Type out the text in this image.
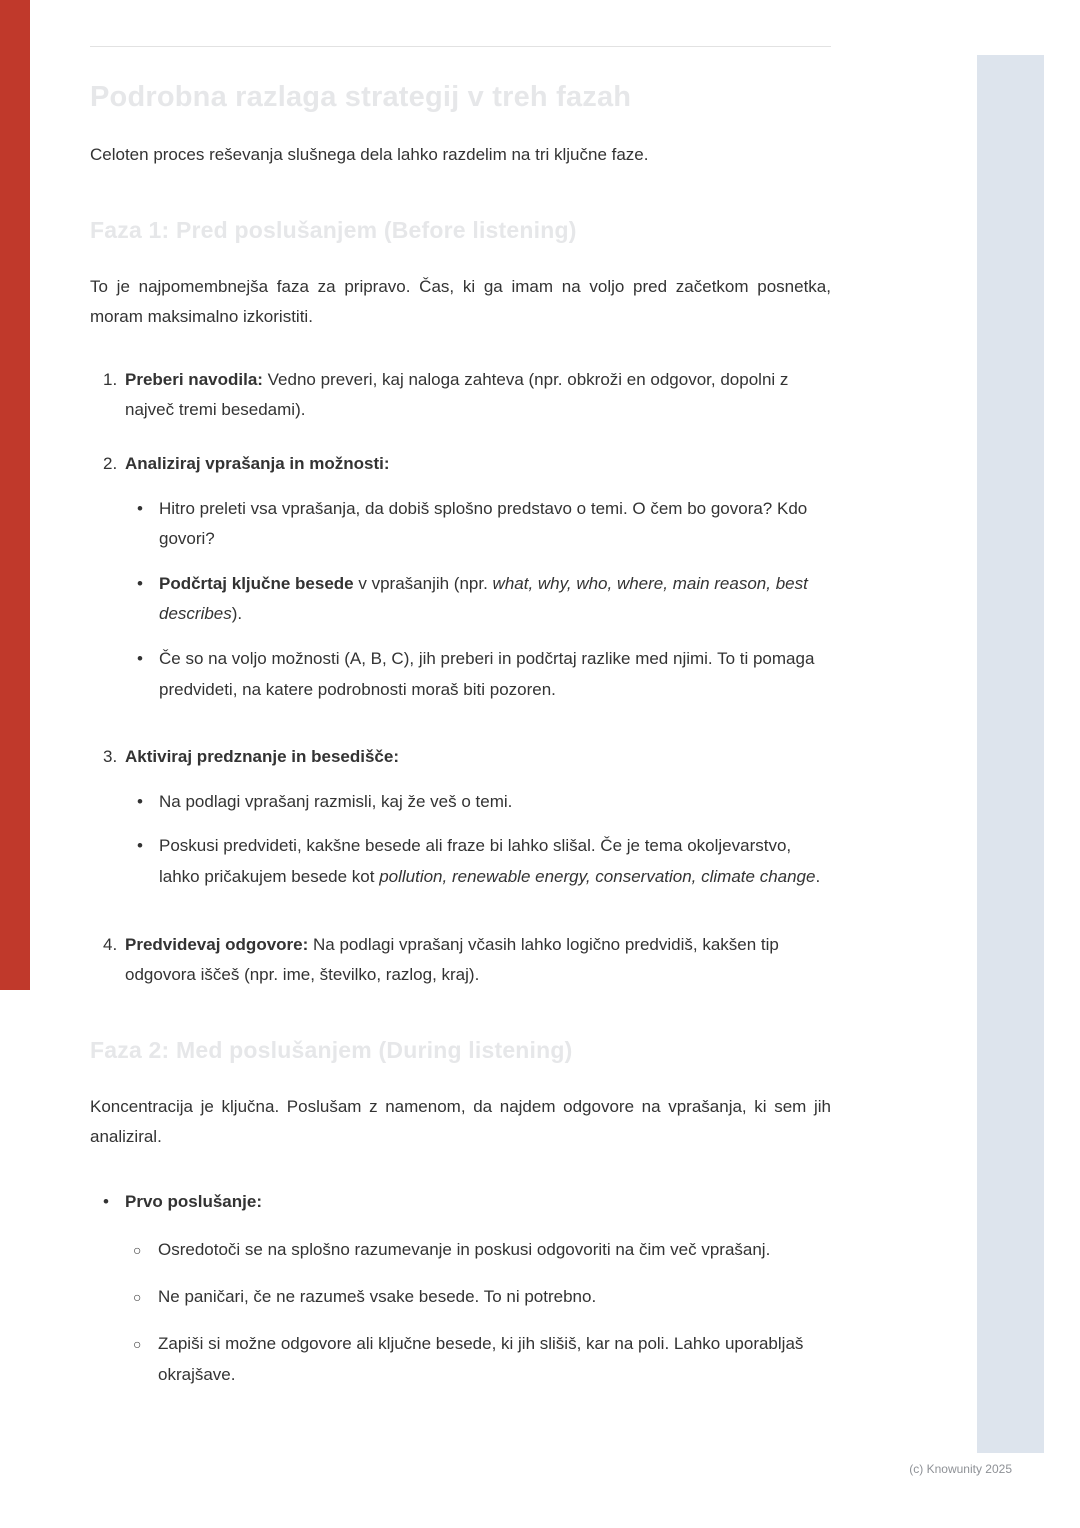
Podrobna razlaga strategij v treh fazah

Celoten proces reševanja slušnega dela lahko razdelim na tri ključne faze.

Faza 1: Pred poslušanjem (Before listening)

To je najpomembnejša faza za pripravo. Čas, ki ga imam na voljo pred začetkom posnetka, moram maksimalno izkoristiti.

1. Preberi navodila: Vedno preveri, kaj naloga zahteva (npr. obkroži en odgovor, dopolni z največ tremi besedami).
2. Analiziraj vprašanja in možnosti:
• Hitro preleti vsa vprašanja, da dobiš splošno predstavo o temi. O čem bo govora? Kdo govori?
• Podčrtaj ključne besede v vprašanjih (npr. what, why, who, where, main reason, best describes).
• Če so na voljo možnosti (A, B, C), jih preberi in podčrtaj razlike med njimi. To ti pomaga predvideti, na katere podrobnosti moraš biti pozoren.
3. Aktiviraj predznanje in besedišče:
• Na podlagi vprašanj razmisli, kaj že veš o temi.
• Poskusi predvideti, kakšne besede ali fraze bi lahko slišal. Če je tema okoljevarstvo, lahko pričakujem besede kot pollution, renewable energy, conservation, climate change.
4. Predvidevaj odgovore: Na podlagi vprašanj včasih lahko logično predvidiš, kakšen tip odgovora iščeš (npr. ime, številko, razlog, kraj).
Faza 2: Med poslušanjem (During listening)

Koncentracija je ključna. Poslušam z namenom, da najdem odgovore na vprašanja, ki sem jih analiziral.

• Prvo poslušanje:
○ Osredotoči se na splošno razumevanje in poskusi odgovoriti na čim več vprašanj.
○ Ne paničari, če ne razumeš vsake besede. To ni potrebno.
○ Zapiši si možne odgovore ali ključne besede, ki jih slišiš, kar na poli. Lahko uporabljaš okrajšave.
(c) Knowunity 2025
